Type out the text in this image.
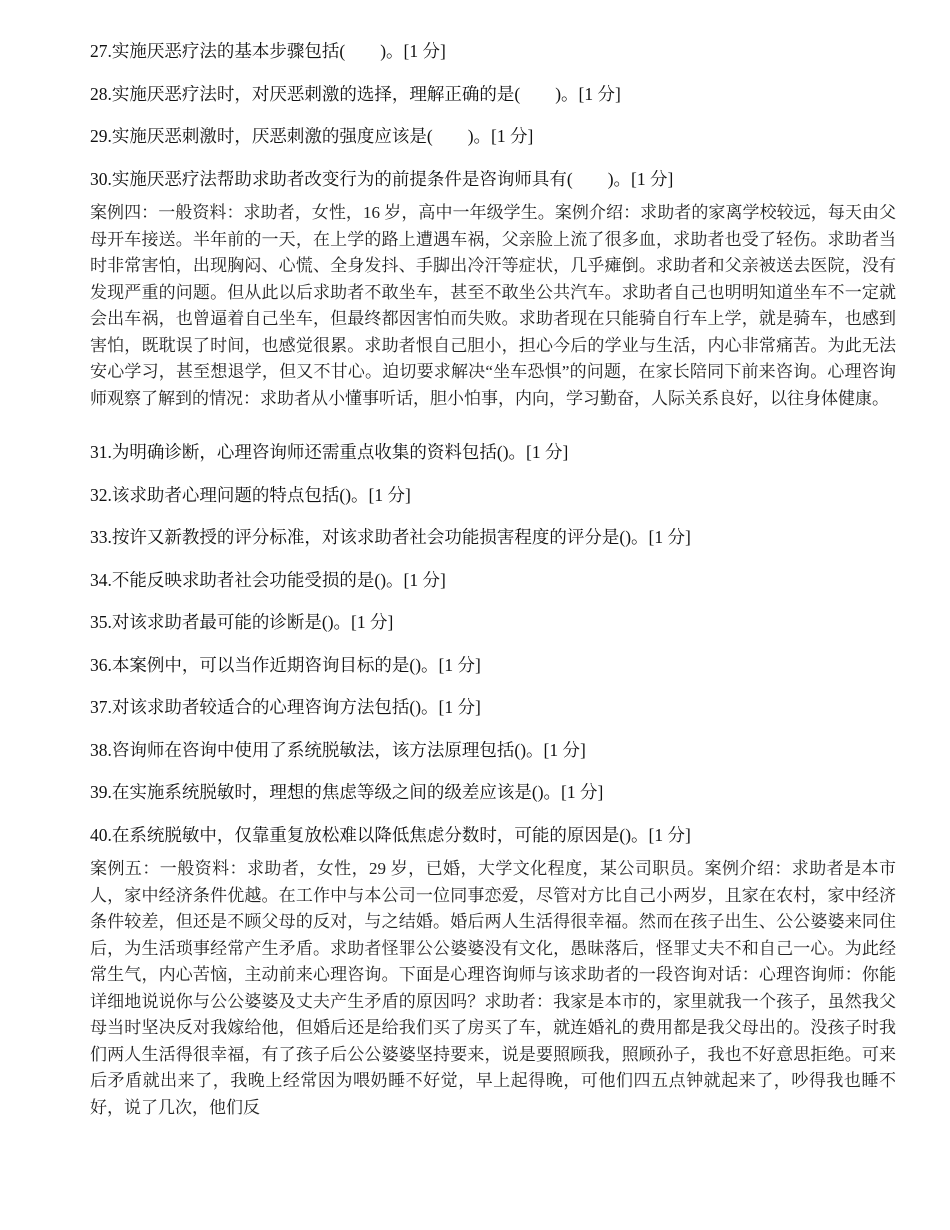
27.实施厌恶疗法的基本步骤包括(　　)。[1 分]

28.实施厌恶疗法时，对厌恶刺激的选择，理解正确的是(　　)。[1 分]

29.实施厌恶刺激时，厌恶刺激的强度应该是(　　)。[1 分]

30.实施厌恶疗法帮助求助者改变行为的前提条件是咨询师具有(　　)。[1 分]

案例四：一般资料：求助者，女性，16 岁，高中一年级学生。案例介绍：求助者的家离学校较远，每天由父母开车接送。半年前的一天，在上学的路上遭遇车祸，父亲脸上流了很多血，求助者也受了轻伤。求助者当时非常害怕，出现胸闷、心慌、全身发抖、手脚出冷汗等症状，几乎瘫倒。求助者和父亲被送去医院，没有发现严重的问题。但从此以后求助者不敢坐车，甚至不敢坐公共汽车。求助者自己也明明知道坐车不一定就会出车祸，也曾逼着自己坐车，但最终都因害怕而失败。求助者现在只能骑自行车上学，就是骑车，也感到害怕，既耽误了时间，也感觉很累。求助者恨自己胆小，担心今后的学业与生活，内心非常痛苦。为此无法安心学习，甚至想退学，但又不甘心。迫切要求解决“坐车恐惧”的问题，在家长陪同下前来咨询。心理咨询师观察了解到的情况：求助者从小懂事听话，胆小怕事，内向，学习勤奋，人际关系良好，以往身体健康。

31.为明确诊断，心理咨询师还需重点收集的资料包括()。[1 分]

32.该求助者心理问题的特点包括()。[1 分]

33.按许又新教授的评分标准，对该求助者社会功能损害程度的评分是()。[1 分]

34.不能反映求助者社会功能受损的是()。[1 分]

35.对该求助者最可能的诊断是()。[1 分]

36.本案例中，可以当作近期咨询目标的是()。[1 分]

37.对该求助者较适合的心理咨询方法包括()。[1 分]

38.咨询师在咨询中使用了系统脱敏法，该方法原理包括()。[1 分]

39.在实施系统脱敏时，理想的焦虑等级之间的级差应该是()。[1 分]

40.在系统脱敏中，仅靠重复放松难以降低焦虑分数时，可能的原因是()。[1 分]

案例五：一般资料：求助者，女性，29 岁，已婚，大学文化程度，某公司职员。案例介绍：求助者是本市人，家中经济条件优越。在工作中与本公司一位同事恋爱，尽管对方比自己小两岁，且家在农村，家中经济条件较差，但还是不顾父母的反对，与之结婚。婚后两人生活得很幸福。然而在孩子出生、公公婆婆来同住后，为生活琐事经常产生矛盾。求助者怪罪公公婆婆没有文化，愚昧落后，怪罪丈夫不和自己一心。为此经常生气，内心苦恼，主动前来心理咨询。下面是心理咨询师与该求助者的一段咨询对话：心理咨询师：你能详细地说说你与公公婆婆及丈夫产生矛盾的原因吗？求助者：我家是本市的，家里就我一个孩子，虽然我父母当时坚决反对我嫁给他，但婚后还是给我们买了房买了车，就连婚礼的费用都是我父母出的。没孩子时我们两人生活得很幸福，有了孩子后公公婆婆坚持要来，说是要照顾我，照顾孙子，我也不好意思拒绝。可来后矛盾就出来了，我晚上经常因为喂奶睡不好觉，早上起得晚，可他们四五点钟就起来了，吵得我也睡不好，说了几次，他们反
